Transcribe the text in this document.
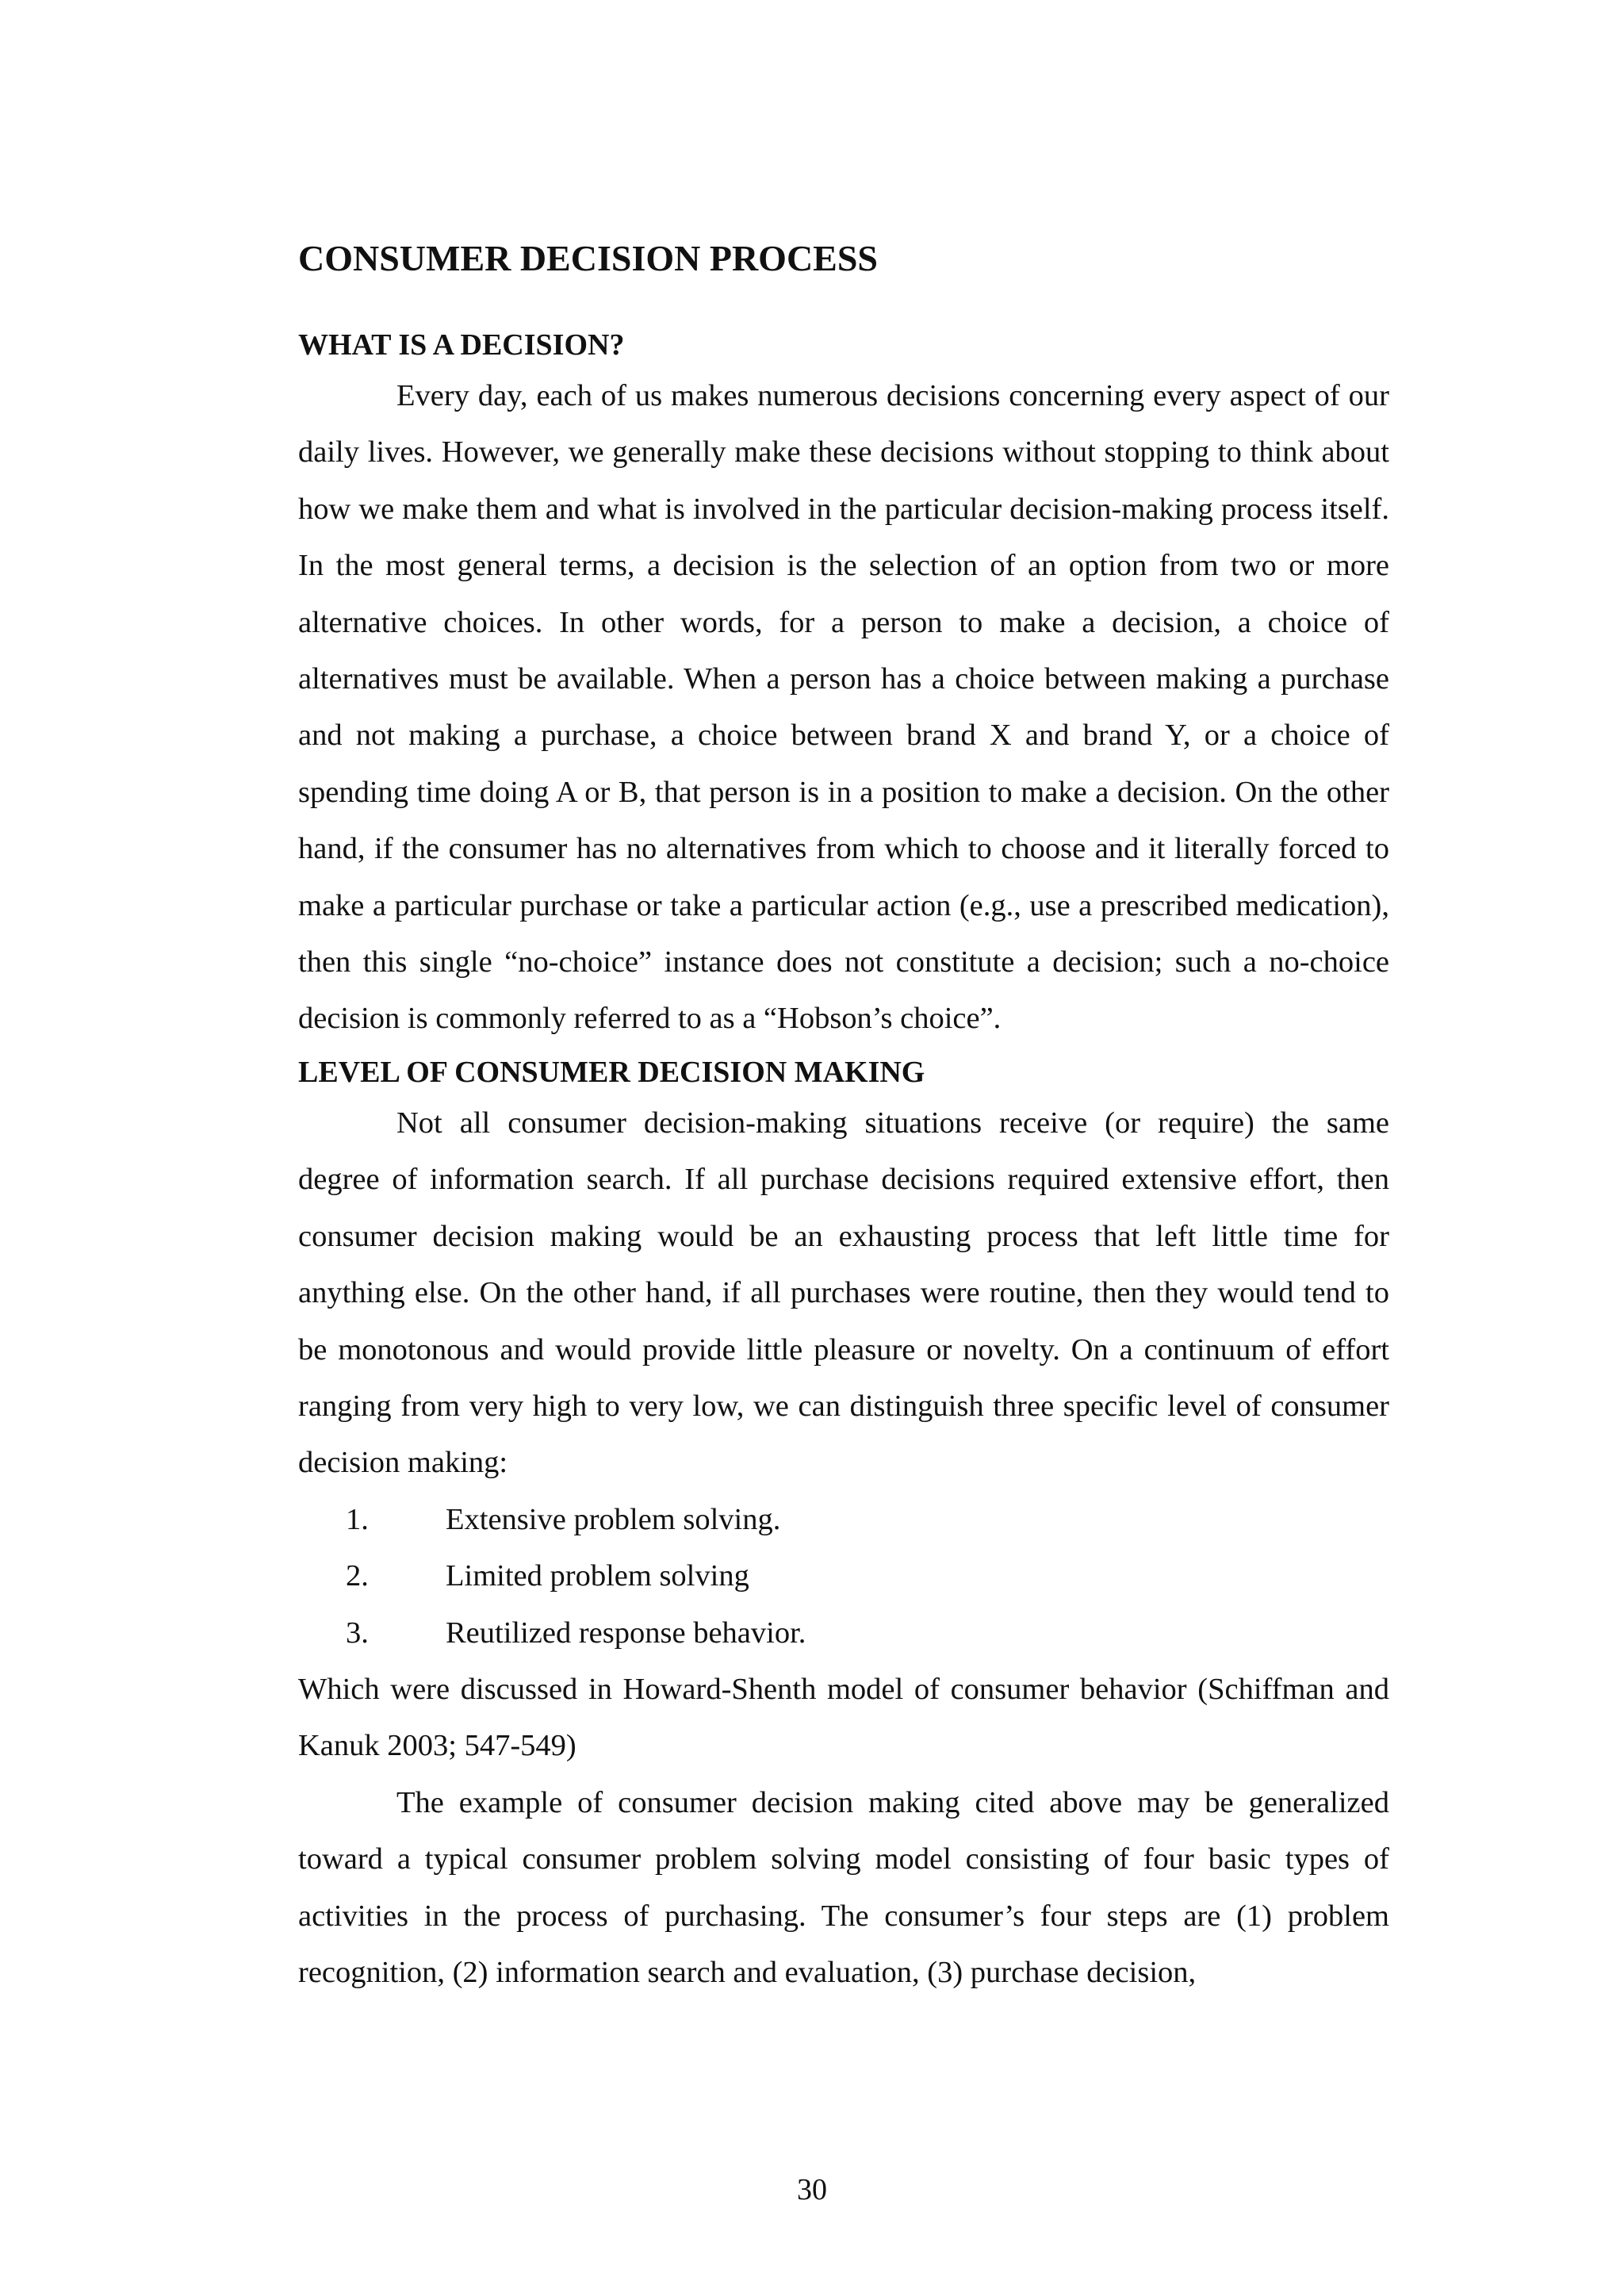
CONSUMER DECISION PROCESS
WHAT IS A DECISION?

Every day, each of us makes numerous decisions concerning every aspect of our daily lives. However, we generally make these decisions without stopping to think about how we make them and what is involved in the particular decision-making process itself. In the most general terms, a decision is the selection of an option from two or more alternative choices. In other words, for a person to make a decision, a choice of alternatives must be available. When a person has a choice between making a purchase and not making a purchase, a choice between brand X and brand Y, or a choice of spending time doing A or B, that person is in a position to make a decision. On the other hand, if the consumer has no alternatives from which to choose and it literally forced to make a particular purchase or take a particular action (e.g., use a prescribed medication), then this single “no-choice” instance does not constitute a decision; such a no-choice decision is commonly referred to as a “Hobson’s choice”.

LEVEL OF CONSUMER DECISION MAKING

Not all consumer decision-making situations receive (or require) the same degree of information search. If all purchase decisions required extensive effort, then consumer decision making would be an exhausting process that left little time for anything else. On the other hand, if all purchases were routine, then they would tend to be monotonous and would provide little pleasure or novelty. On a continuum of effort ranging from very high to very low, we can distinguish three specific level of consumer decision making:

1.	Extensive problem solving.
2.	Limited problem solving
3.	Reutilized response behavior.

Which were discussed in Howard-Shenth model of consumer behavior (Schiffman and Kanuk 2003; 547-549)

The example of consumer decision making cited above may be generalized toward a typical consumer problem solving model consisting of four basic types of activities in the process of purchasing. The consumer’s four steps are (1) problem recognition, (2) information search and evaluation, (3) purchase decision,

30
